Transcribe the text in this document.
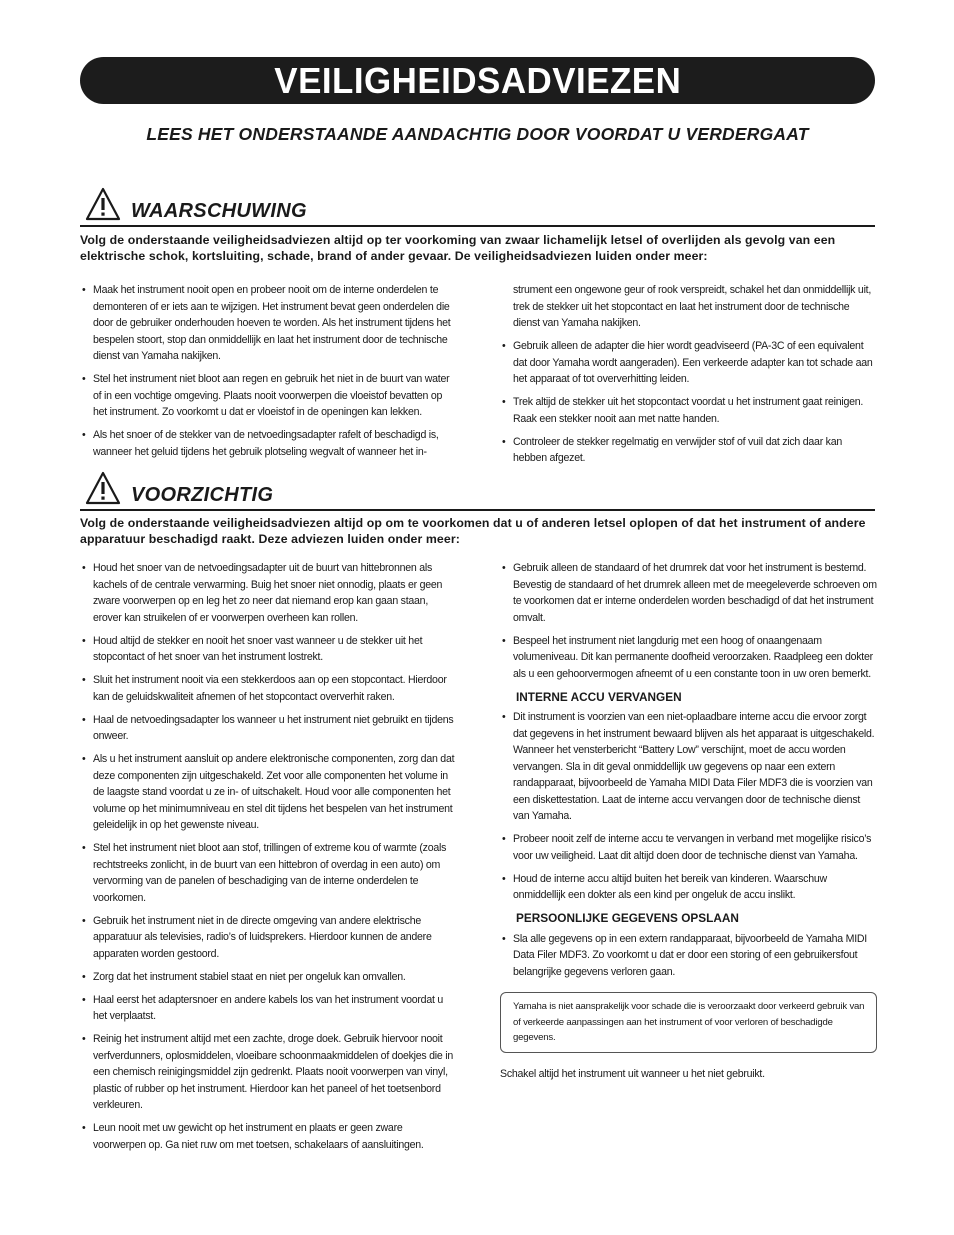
VEILIGHEIDSADVIEZEN
LEES HET ONDERSTAANDE AANDACHTIG DOOR VOORDAT U VERDERGAAT
WAARSCHUWING
Volg de onderstaande veiligheidsadviezen altijd op ter voorkoming van zwaar lichamelijk letsel of overlijden als gevolg van een elektrische schok, kortsluiting, schade, brand of ander gevaar. De veiligheidsadviezen luiden onder meer:
• Maak het instrument nooit open en probeer nooit om de interne onderdelen te demonteren of er iets aan te wijzigen. Het instrument bevat geen onderdelen die door de gebruiker onderhouden hoeven te worden. Als het instrument tijdens het bespelen stoort, stop dan onmiddellijk en laat het instrument door de technische dienst van Yamaha nakijken.
• Stel het instrument niet bloot aan regen en gebruik het niet in de buurt van water of in een vochtige omgeving. Plaats nooit voorwerpen die vloeistof bevatten op het instrument. Zo voorkomt u dat er vloeistof in de openingen kan lekken.
• Als het snoer of de stekker van de netvoedingsadapter rafelt of beschadigd is, wanneer het geluid tijdens het gebruik plotseling wegvalt of wanneer het in-
strument een ongewone geur of rook verspreidt, schakel het dan onmiddellijk uit, trek de stekker uit het stopcontact en laat het instrument door de technische dienst van Yamaha nakijken.
• Gebruik alleen de adapter die hier wordt geadviseerd (PA-3C of een equivalent dat door Yamaha wordt aangeraden). Een verkeerde adapter kan tot schade aan het apparaat of tot oververhitting leiden.
• Trek altijd de stekker uit het stopcontact voordat u het instrument gaat reinigen. Raak een stekker nooit aan met natte handen.
• Controleer de stekker regelmatig en verwijder stof of vuil dat zich daar kan hebben afgezet.
VOORZICHTIG
Volg de onderstaande veiligheidsadviezen altijd op om te voorkomen dat u of anderen letsel oplopen of dat het instrument of andere apparatuur beschadigd raakt. Deze adviezen luiden onder meer:
• Houd het snoer van de netvoedingsadapter uit de buurt van hittebronnen als kachels of de centrale verwarming. Buig het snoer niet onnodig, plaats er geen zware voorwerpen op en leg het zo neer dat niemand erop kan gaan staan, erover kan struikelen of er voorwerpen overheen kan rollen.
• Houd altijd de stekker en nooit het snoer vast wanneer u de stekker uit het stopcontact of het snoer van het instrument lostrekt.
• Sluit het instrument nooit via een stekkerdoos aan op een stopcontact. Hierdoor kan de geluidskwaliteit afnemen of het stopcontact oververhit raken.
• Haal de netvoedingsadapter los wanneer u het instrument niet gebruikt en tijdens onweer.
• Als u het instrument aansluit op andere elektronische componenten, zorg dan dat deze componenten zijn uitgeschakeld. Zet voor alle componenten het volume in de laagste stand voordat u ze in- of uitschakelt. Houd voor alle componenten het volume op het minimumniveau en stel dit tijdens het bespelen van het instrument geleidelijk in op het gewenste niveau.
• Stel het instrument niet bloot aan stof, trillingen of extreme kou of warmte (zoals rechtstreeks zonlicht, in de buurt van een hittebron of overdag in een auto) om vervorming van de panelen of beschadiging van de interne onderdelen te voorkomen.
• Gebruik het instrument niet in de directe omgeving van andere elektrische apparatuur als televisies, radio’s of luidsprekers. Hierdoor kunnen de andere apparaten worden gestoord.
• Zorg dat het instrument stabiel staat en niet per ongeluk kan omvallen.
• Haal eerst het adaptersnoer en andere kabels los van het instrument voordat u het verplaatst.
• Reinig het instrument altijd met een zachte, droge doek. Gebruik hiervoor nooit verfverdunners, oplosmiddelen, vloeibare schoonmaakmiddelen of doekjes die in een chemisch reinigingsmiddel zijn gedrenkt. Plaats nooit voorwerpen van vinyl, plastic of rubber op het instrument. Hierdoor kan het paneel of het toetsenbord verkleuren.
• Leun nooit met uw gewicht op het instrument en plaats er geen zware voorwerpen op. Ga niet ruw om met toetsen, schakelaars of aansluitingen.
• Gebruik alleen de standaard of het drumrek dat voor het instrument is bestemd. Bevestig de standaard of het drumrek alleen met de meegeleverde schroeven om te voorkomen dat er interne onderdelen worden beschadigd of dat het instrument omvalt.
• Bespeel het instrument niet langdurig met een hoog of onaangenaam volumeniveau. Dit kan permanente doofheid veroorzaken. Raadpleeg een dokter als u een gehoorvermogen afneemt of u een constante toon in uw oren bemerkt.
INTERNE ACCU VERVANGEN
• Dit instrument is voorzien van een niet-oplaadbare interne accu die ervoor zorgt dat gegevens in het instrument bewaard blijven als het apparaat is uitgeschakeld. Wanneer het vensterbericht “Battery Low” verschijnt, moet de accu worden vervangen. Sla in dit geval onmiddellijk uw gegevens op naar een extern randapparaat, bijvoorbeeld de Yamaha MIDI Data Filer MDF3 die is voorzien van een diskettestation. Laat de interne accu vervangen door de technische dienst van Yamaha.
• Probeer nooit zelf de interne accu te vervangen in verband met mogelijke risico’s voor uw veiligheid. Laat dit altijd doen door de technische dienst van Yamaha.
• Houd de interne accu altijd buiten het bereik van kinderen. Waarschuw onmiddellijk een dokter als een kind per ongeluk de accu inslikt.
PERSOONLIJKE GEGEVENS OPSLAAN
• Sla alle gegevens op in een extern randapparaat, bijvoorbeeld de Yamaha MIDI Data Filer MDF3. Zo voorkomt u dat er door een storing of een gebruikersfout belangrijke gegevens verloren gaan.
Yamaha is niet aansprakelijk voor schade die is veroorzaakt door verkeerd gebruik van of verkeerde aanpassingen aan het instrument of voor verloren of beschadigde gegevens.
Schakel altijd het instrument uit wanneer u het niet gebruikt.
